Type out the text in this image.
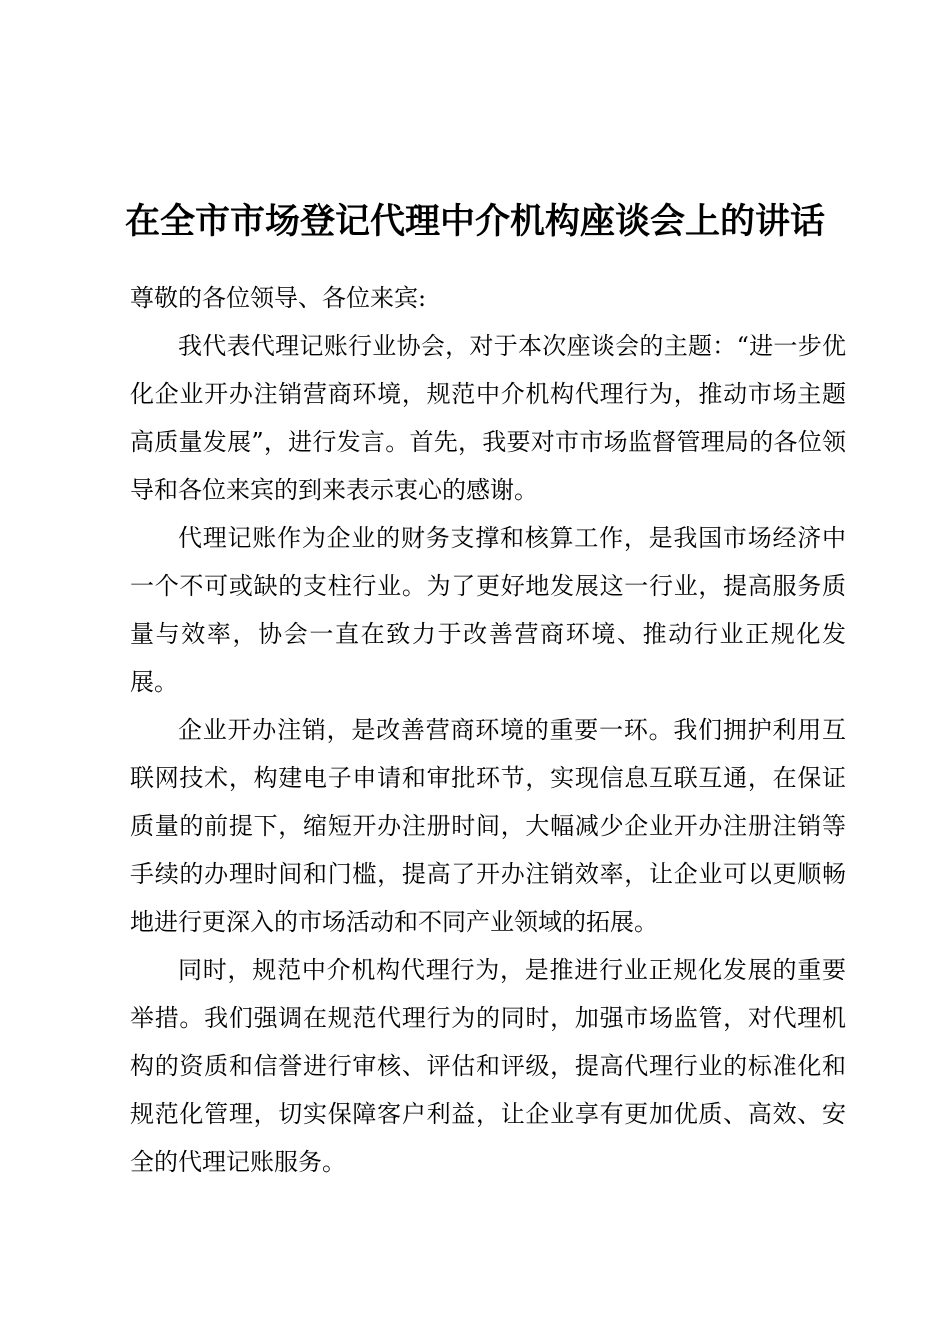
在全市市场登记代理中介机构座谈会上的讲话

尊敬的各位领导、各位来宾:

我代表代理记账行业协会，对于本次座谈会的主题：“进一步优化企业开办注销营商环境，规范中介机构代理行为，推动市场主题高质量发展”，进行发言。首先，我要对市市场监督管理局的各位领导和各位来宾的到来表示衷心的感谢。

代理记账作为企业的财务支撑和核算工作，是我国市场经济中一个不可或缺的支柱行业。为了更好地发展这一行业，提高服务质量与效率，协会一直在致力于改善营商环境、推动行业正规化发展。

企业开办注销，是改善营商环境的重要一环。我们拥护利用互联网技术，构建电子申请和审批环节，实现信息互联互通，在保证质量的前提下，缩短开办注册时间，大幅减少企业开办注册注销等手续的办理时间和门槛，提高了开办注销效率，让企业可以更顺畅地进行更深入的市场活动和不同产业领域的拓展。

同时，规范中介机构代理行为，是推进行业正规化发展的重要举措。我们强调在规范代理行为的同时，加强市场监管，对代理机构的资质和信誉进行审核、评估和评级，提高代理行业的标准化和规范化管理，切实保障客户利益，让企业享有更加优质、高效、安全的代理记账服务。
